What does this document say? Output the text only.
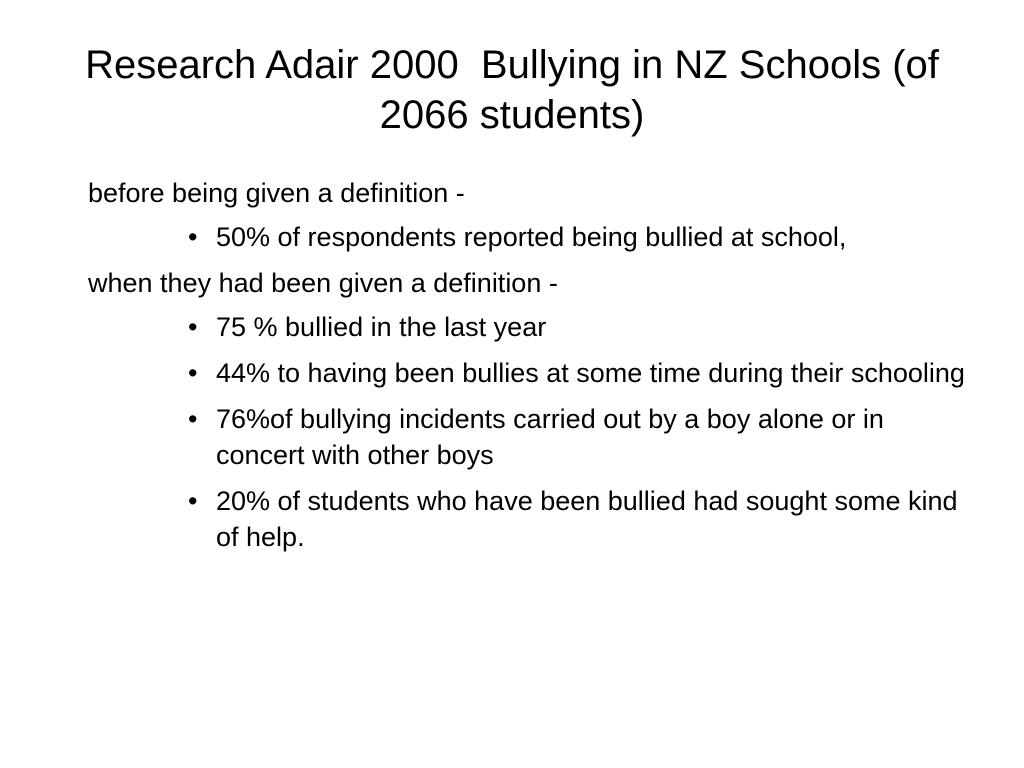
Research Adair 2000  Bullying in NZ Schools (of 2066 students)

before being given a definition -

• 50% of respondents reported being bullied at school,

when they had been given a definition -

• 75 % bullied in the last year
• 44% to having been bullies at some time during their schooling
• 76%of bullying incidents carried out by a boy alone or in concert with other boys
• 20% of students who have been bullied had sought some kind of help.
